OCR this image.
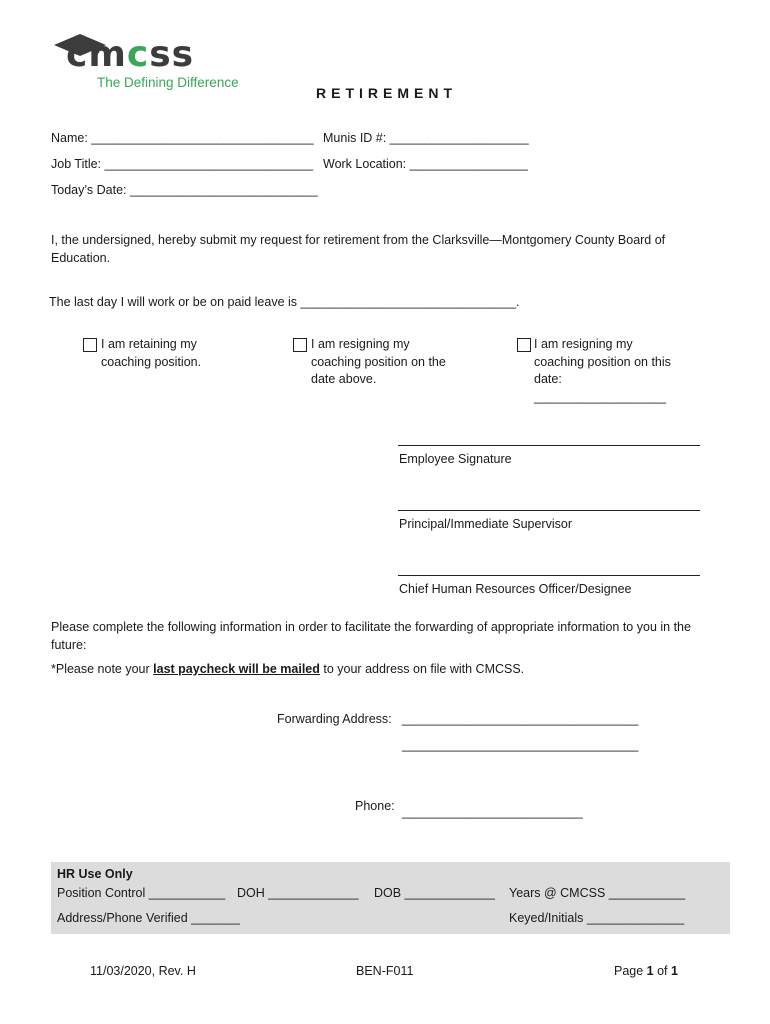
cmcss
The Defining Difference
RETIREMENT
Name: ________________________________ Munis ID #: ____________________
Job Title: ______________________________ Work Location: _________________
Today’s Date: ___________________________
I, the undersigned, hereby submit my request for retirement from the Clarksville—Montgomery County Board of Education.
The last day I will work or be on paid leave is _______________________________.
I am retaining my
coaching position.
I am resigning my
coaching position on the
date above.
I am resigning my
coaching position on this
date:
___________________
Employee Signature
Principal/Immediate Supervisor
Chief Human Resources Officer/Designee
Please complete the following information in order to facilitate the forwarding of appropriate information to you in the future:
*Please note your last paycheck will be mailed to your address on file with CMCSS.
Forwarding Address: __________________________________
__________________________________
Phone: __________________________
HR Use Only
Position Control ___________ DOH _____________ DOB _____________ Years @ CMCSS ___________
Address/Phone Verified _______	Keyed/Initials ______________
11/03/2020, Rev. H	BEN-F011	Page 1 of 1
